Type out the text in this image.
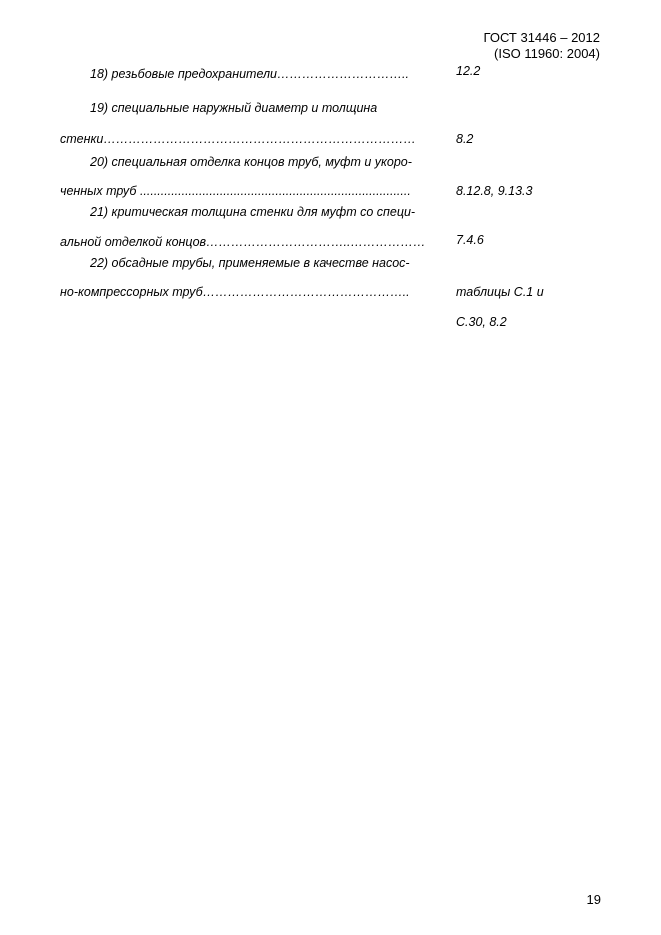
ГОСТ 31446 – 2012
(ISO 11960: 2004)
18) резьбовые предохранители…………………………..	12.2
19) специальные наружный диаметр и толщина
стенки…………………………………………………………………	8.2
20) специальная отделка концов труб, муфт и укоро-
ченных труб ..............................................................................	8.12.8, 9.13.3
21) критическая толщина стенки для муфт со специ-
альной отделкой концов……………………………..……………… 7.4.6
22) обсадные трубы, применяемые в качестве насос-
но-компрессорных труб…………………………………………..	таблицы С.1 и
С.30, 8.2
19
